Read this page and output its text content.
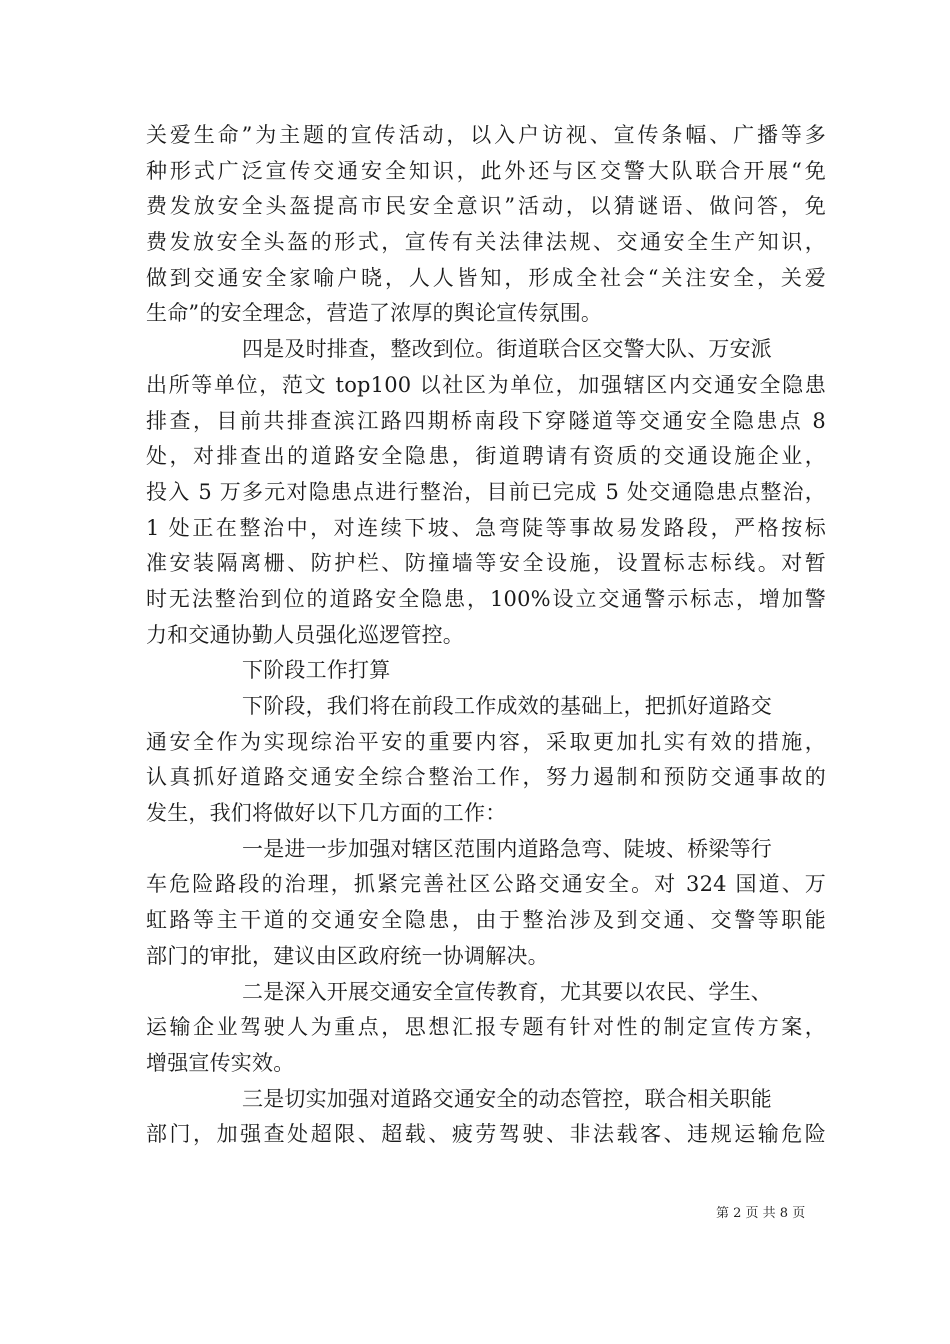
关爱生命”为主题的宣传活动，以入户访视、宣传条幅、广播等多
种形式广泛宣传交通安全知识，此外还与区交警大队联合开展“免
费发放安全头盔提高市民安全意识”活动，以猜谜语、做问答，免
费发放安全头盔的形式，宣传有关法律法规、交通安全生产知识，
做到交通安全家喻户晓，人人皆知，形成全社会“关注安全，关爱
生命”的安全理念，营造了浓厚的舆论宣传氛围。
四是及时排查，整改到位。街道联合区交警大队、万安派
出所等单位，范文 top100 以社区为单位，加强辖区内交通安全隐患
排查，目前共排查滨江路四期桥南段下穿隧道等交通安全隐患点 8
处，对排查出的道路安全隐患，街道聘请有资质的交通设施企业，
投入 5 万多元对隐患点进行整治，目前已完成 5 处交通隐患点整治，
1 处正在整治中，对连续下坡、急弯陡等事故易发路段，严格按标
准安装隔离栅、防护栏、防撞墙等安全设施，设置标志标线。对暂
时无法整治到位的道路安全隐患，100%设立交通警示标志，增加警
力和交通协勤人员强化巡逻管控。
下阶段工作打算
下阶段，我们将在前段工作成效的基础上，把抓好道路交
通安全作为实现综治平安的重要内容，采取更加扎实有效的措施，
认真抓好道路交通安全综合整治工作，努力遏制和预防交通事故的
发生，我们将做好以下几方面的工作：
一是进一步加强对辖区范围内道路急弯、陡坡、桥梁等行
车危险路段的治理，抓紧完善社区公路交通安全。对 324 国道、万
虹路等主干道的交通安全隐患，由于整治涉及到交通、交警等职能
部门的审批，建议由区政府统一协调解决。
二是深入开展交通安全宣传教育，尤其要以农民、学生、
运输企业驾驶人为重点，思想汇报专题有针对性的制定宣传方案，
增强宣传实效。
三是切实加强对道路交通安全的动态管控，联合相关职能
部门，加强查处超限、超载、疲劳驾驶、非法载客、违规运输危险
第 2 页 共 8 页
